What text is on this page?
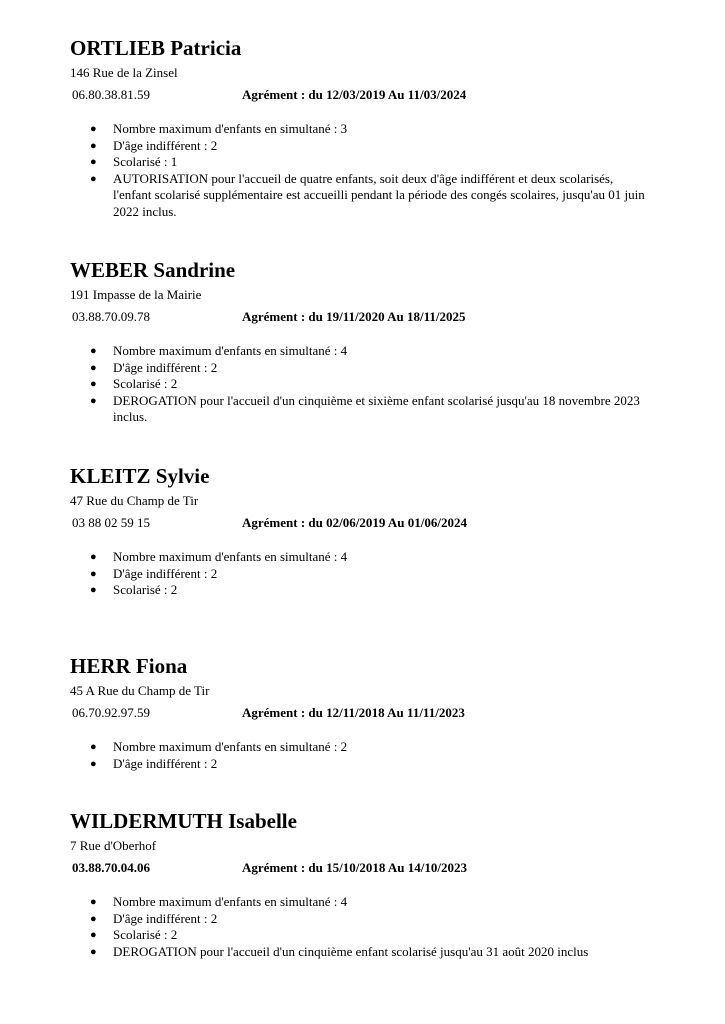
ORTLIEB Patricia
146 Rue de la Zinsel
06.80.38.81.59	Agrément : du 12/03/2019 Au 11/03/2024
● Nombre maximum d'enfants en simultané : 3
● D'âge indifférent : 2
● Scolarisé : 1
● AUTORISATION pour l'accueil de quatre enfants, soit deux d'âge indifférent et deux scolarisés, l'enfant scolarisé supplémentaire est accueilli pendant la période des congés scolaires, jusqu'au 01 juin 2022 inclus.
WEBER Sandrine
191 Impasse de la Mairie
03.88.70.09.78	Agrément : du 19/11/2020 Au 18/11/2025
● Nombre maximum d'enfants en simultané : 4
● D'âge indifférent : 2
● Scolarisé : 2
● DEROGATION pour l'accueil d'un cinquième et sixième enfant scolarisé jusqu'au 18 novembre 2023 inclus.
KLEITZ Sylvie
47 Rue du Champ de Tir
03 88 02 59 15	Agrément : du 02/06/2019 Au 01/06/2024
● Nombre maximum d'enfants en simultané : 4
● D'âge indifférent : 2
● Scolarisé : 2
HERR Fiona
45 A Rue du Champ de Tir
06.70.92.97.59	Agrément : du 12/11/2018 Au 11/11/2023
● Nombre maximum d'enfants en simultané : 2
● D'âge indifférent : 2
WILDERMUTH Isabelle
7 Rue d'Oberhof
03.88.70.04.06	Agrément : du 15/10/2018 Au 14/10/2023
● Nombre maximum d'enfants en simultané : 4
● D'âge indifférent : 2
● Scolarisé : 2
● DEROGATION pour l'accueil d'un cinquième enfant scolarisé jusqu'au 31 août 2020 inclus
